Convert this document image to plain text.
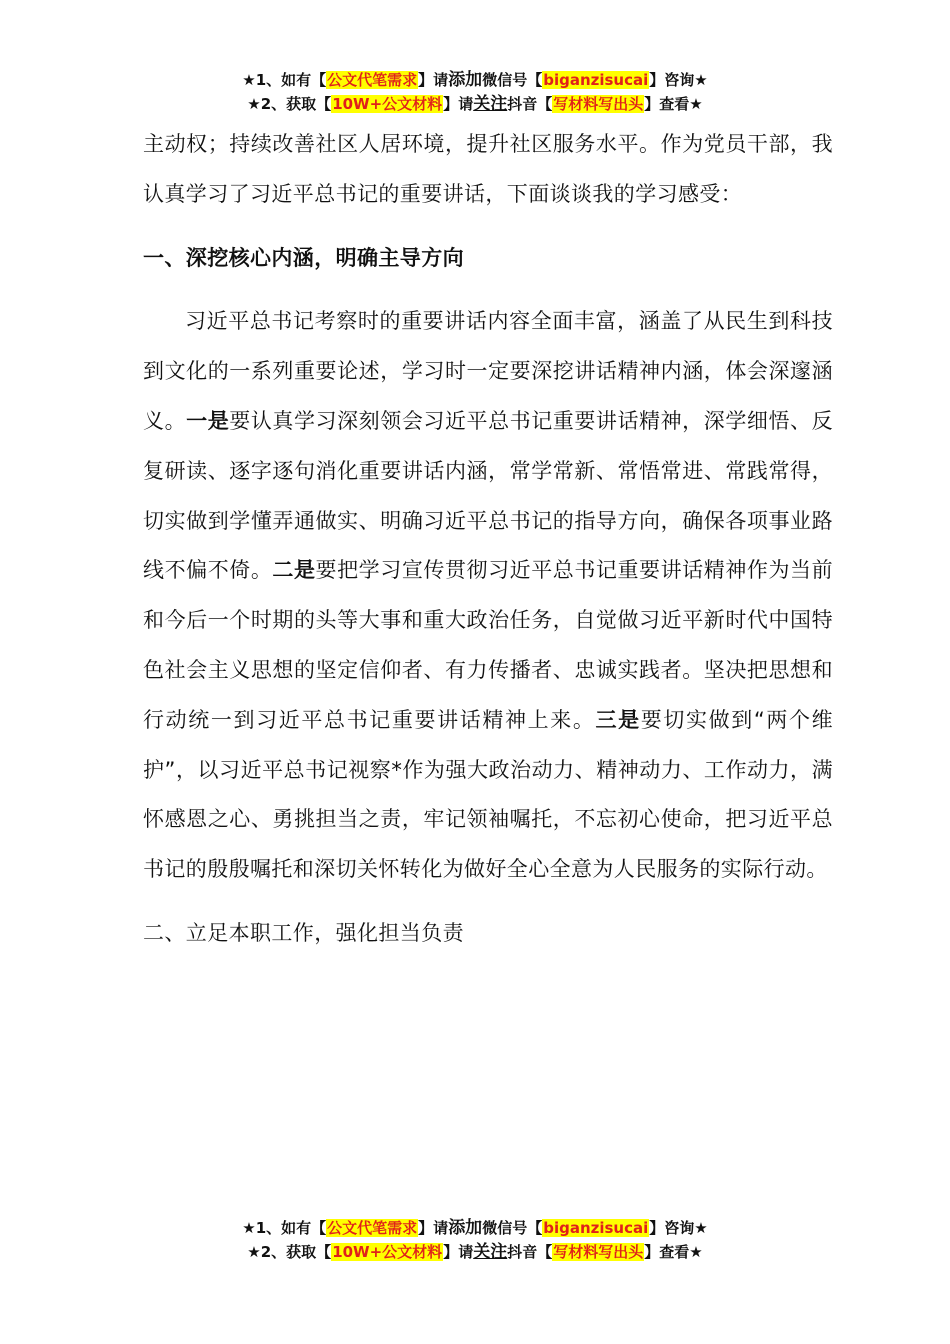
★1、如有【公文代笔需求】请添加微信号【biganzisucai】咨询★
★2、获取【10W+公文材料】请关注抖音【写材料写出头】查看★

主动权；持续改善社区人居环境，提升社区服务水平。作为党员干部，我认真学习了习近平总书记的重要讲话，下面谈谈我的学习感受：

一、深挖核心内涵，明确主导方向

习近平总书记考察时的重要讲话内容全面丰富，涵盖了从民生到科技到文化的一系列重要论述，学习时一定要深挖讲话精神内涵，体会深邃涵义。一是要认真学习深刻领会习近平总书记重要讲话精神，深学细悟、反复研读、逐字逐句消化重要讲话内涵，常学常新、常悟常进、常践常得，切实做到学懂弄通做实、明确习近平总书记的指导方向，确保各项事业路线不偏不倚。二是要把学习宣传贯彻习近平总书记重要讲话精神作为当前和今后一个时期的头等大事和重大政治任务，自觉做习近平新时代中国特色社会主义思想的坚定信仰者、有力传播者、忠诚实践者。坚决把思想和行动统一到习近平总书记重要讲话精神上来。三是要切实做到“两个维护”，以习近平总书记视察*作为强大政治动力、精神动力、工作动力，满怀感恩之心、勇挑担当之责，牢记领袖嘱托，不忘初心使命，把习近平总书记的殷殷嘱托和深切关怀转化为做好全心全意为人民服务的实际行动。

二、立足本职工作，强化担当负责

★1、如有【公文代笔需求】请添加微信号【biganzisucai】咨询★
★2、获取【10W+公文材料】请关注抖音【写材料写出头】查看★
